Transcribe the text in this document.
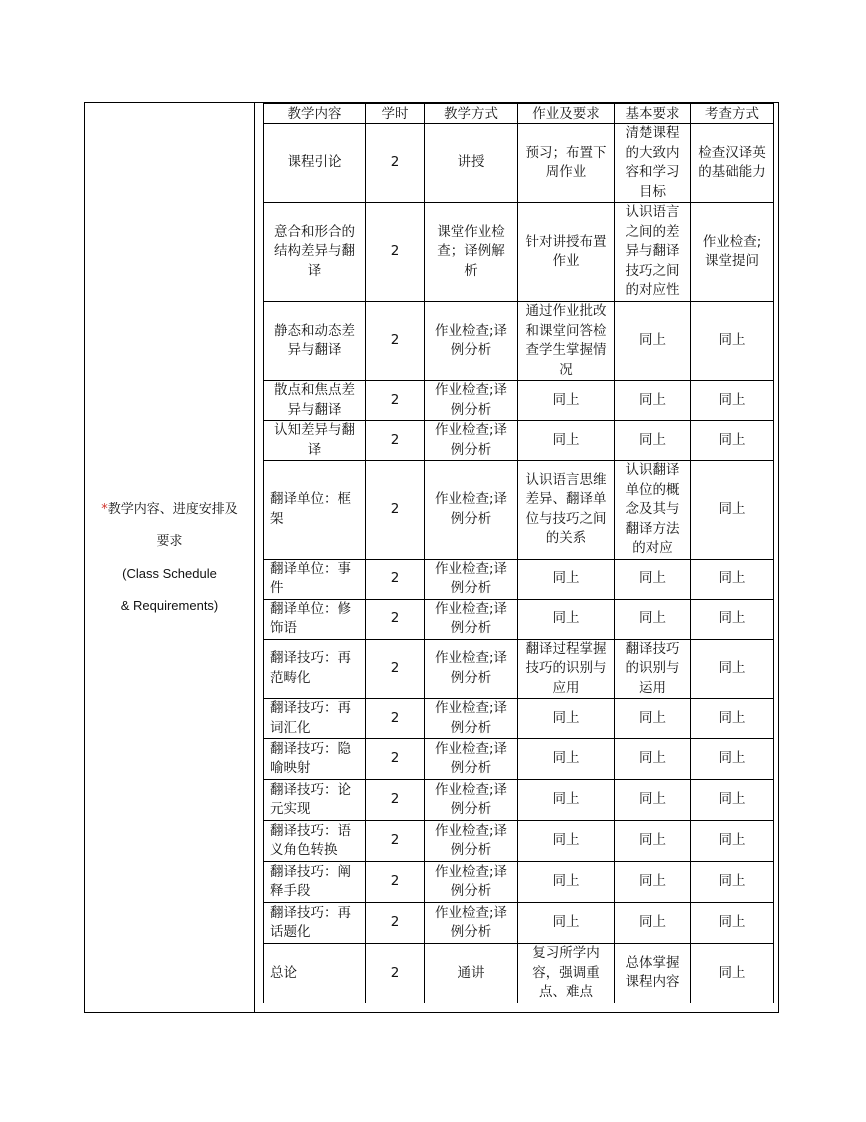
*教学内容、进度安排及
要求
(Class Schedule
& Requirements)
教学内容	学时	教学方式	作业及要求	基本要求	考查方式
课程引论	2	讲授	预习；布置下周作业	清楚课程的大致内容和学习目标	检查汉译英的基础能力
意合和形合的结构差异与翻译	2	课堂作业检查；译例解析	针对讲授布置作业	认识语言之间的差异与翻译技巧之间的对应性	作业检查;课堂提问
静态和动态差异与翻译	2	作业检查;译例分析	通过作业批改和课堂问答检查学生掌握情况	同上	同上
散点和焦点差异与翻译	2	作业检查;译例分析	同上	同上	同上
认知差异与翻译	2	作业检查;译例分析	同上	同上	同上
翻译单位：框架	2	作业检查;译例分析	认识语言思维差异、翻译单位与技巧之间的关系	认识翻译单位的概念及其与翻译方法的对应	同上
翻译单位：事件	2	作业检查;译例分析	同上	同上	同上
翻译单位：修饰语	2	作业检查;译例分析	同上	同上	同上
翻译技巧：再范畴化	2	作业检查;译例分析	翻译过程掌握技巧的识别与应用	翻译技巧的识别与运用	同上
翻译技巧：再词汇化	2	作业检查;译例分析	同上	同上	同上
翻译技巧：隐喻映射	2	作业检查;译例分析	同上	同上	同上
翻译技巧：论元实现	2	作业检查;译例分析	同上	同上	同上
翻译技巧：语义角色转换	2	作业检查;译例分析	同上	同上	同上
翻译技巧：阐释手段	2	作业检查;译例分析	同上	同上	同上
翻译技巧：再话题化	2	作业检查;译例分析	同上	同上	同上
总论	2	通讲	复习所学内容，强调重点、难点	总体掌握课程内容	同上
